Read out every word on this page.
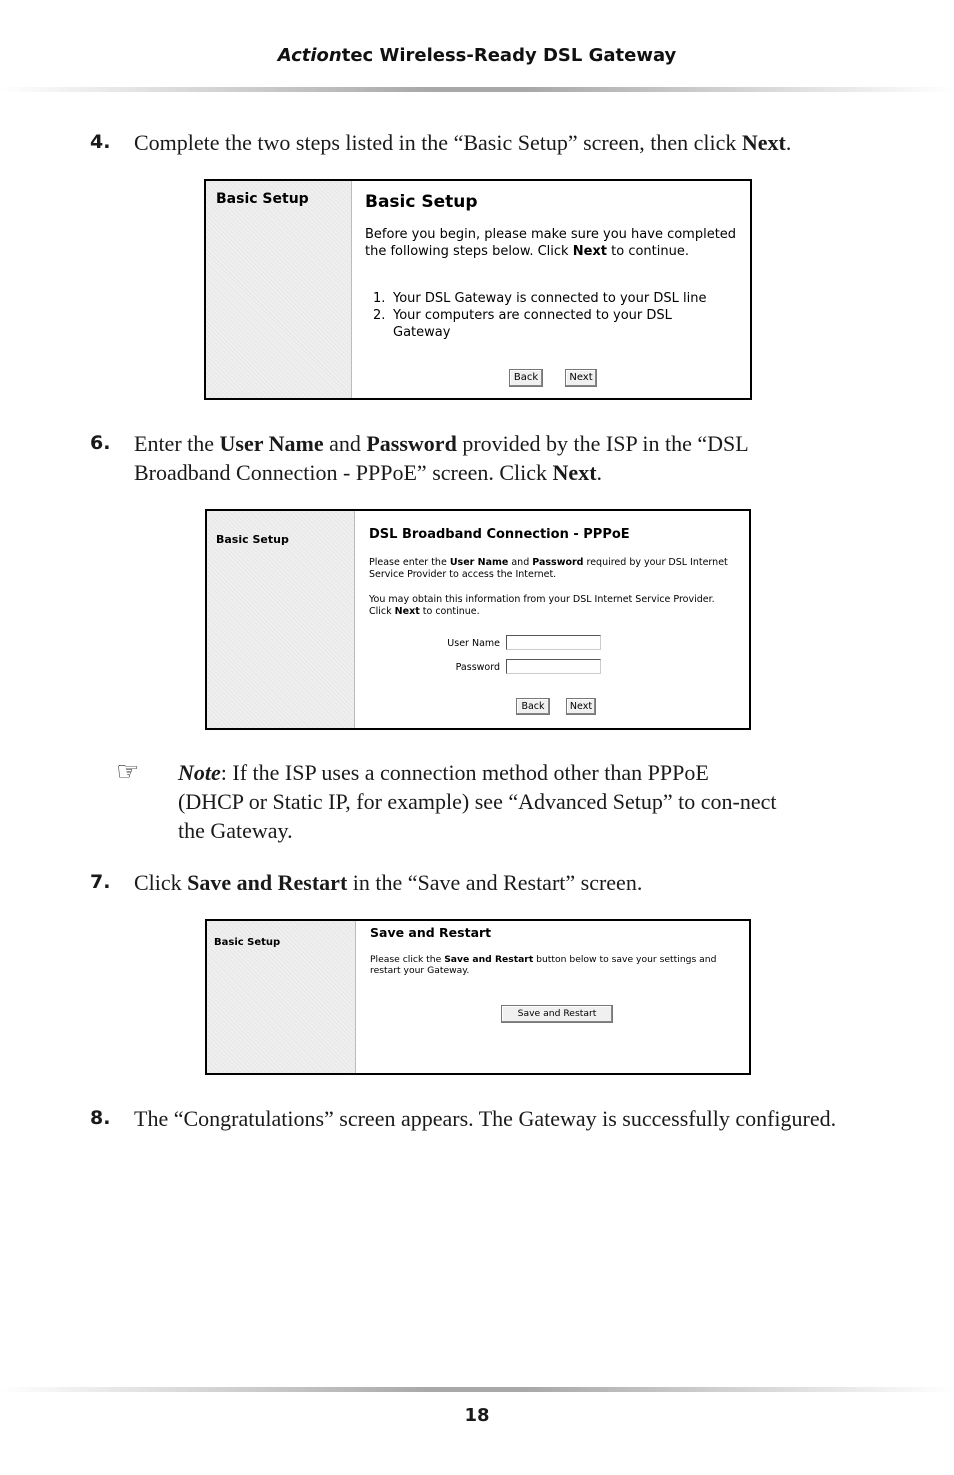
Actiontec Wireless-Ready DSL Gateway
4. Complete the two steps listed in the “Basic Setup” screen, then click Next.
Basic Setup	Basic Setup
Before you begin, please make sure you have completed the following steps below. Click Next to continue.
1. Your DSL Gateway is connected to your DSL line
2. Your computers are connected to your DSL Gateway
Back	Next
6. Enter the User Name and Password provided by the ISP in the “DSL Broadband Connection - PPPoE” screen. Click Next.
Basic Setup	DSL Broadband Connection - PPPoE
Please enter the User Name and Password required by your DSL Internet Service Provider to access the Internet.
You may obtain this information from your DSL Internet Service Provider.
Click Next to continue.
User Name
Password
Back	Next
☞ Note: If the ISP uses a connection method other than PPPoE (DHCP or Static IP, for example) see “Advanced Setup” to con-nect the Gateway.
7. Click Save and Restart in the “Save and Restart” screen.
Basic Setup
Save and Restart
Please click the Save and Restart button below to save your settings and restart your Gateway.
Save and Restart
8. The “Congratulations” screen appears. The Gateway is successfully configured.
18
